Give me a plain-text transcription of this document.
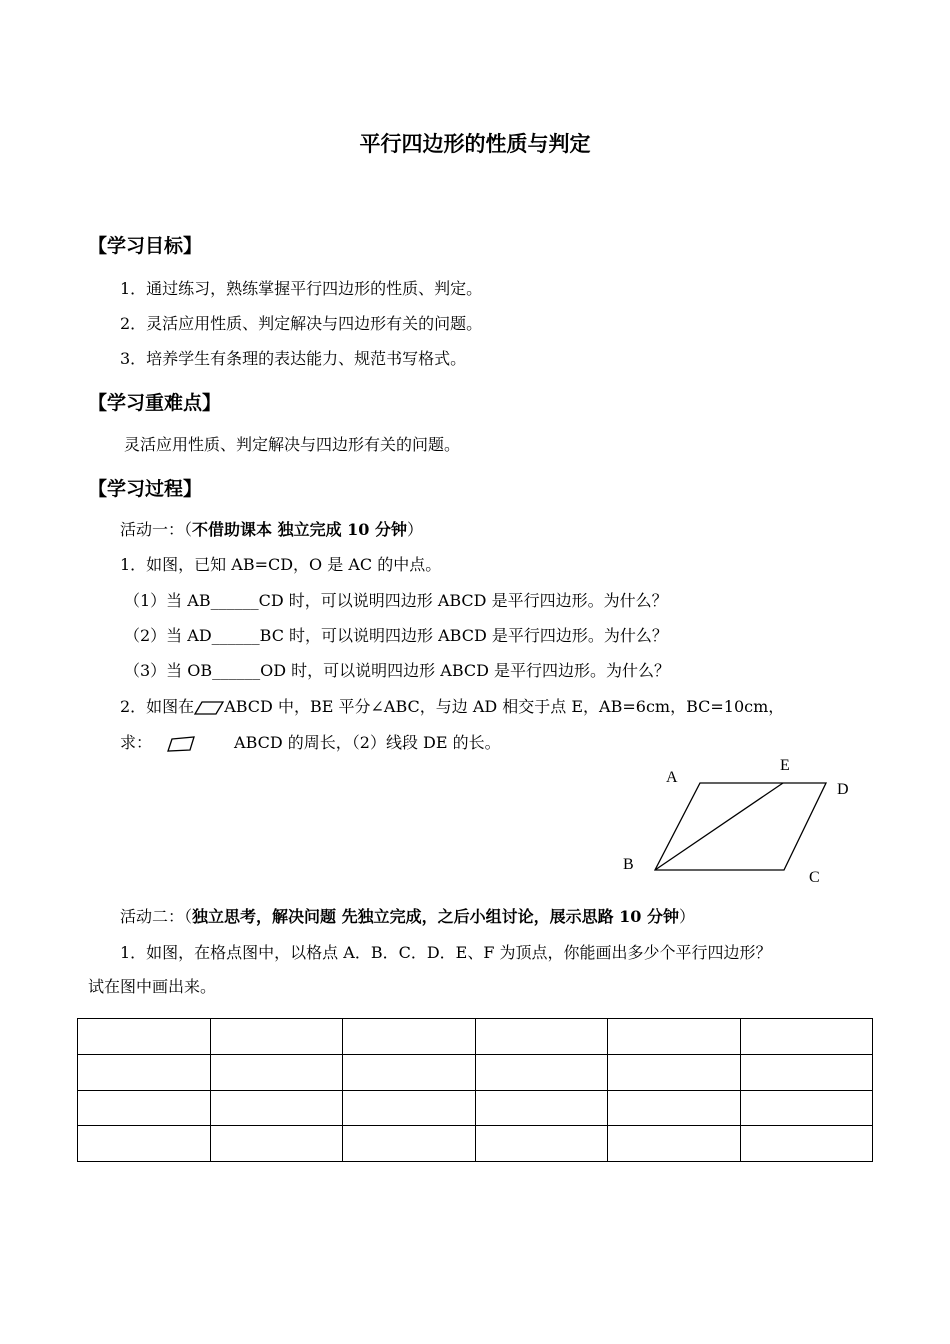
平行四边形的性质与判定
【学习目标】
1．通过练习，熟练掌握平行四边形的性质、判定。
2．灵活应用性质、判定解决与四边形有关的问题。
3．培养学生有条理的表达能力、规范书写格式。
【学习重难点】
灵活应用性质、判定解决与四边形有关的问题。
【学习过程】
活动一：（不借助课本 独立完成 10 分钟）
1．如图，已知 AB=CD，O 是 AC 的中点。
（1）当 AB______CD 时，可以说明四边形 ABCD 是平行四边形。为什么？
（2）当 AD______BC 时，可以说明四边形 ABCD 是平行四边形。为什么？
（3）当 OB______OD 时，可以说明四边形 ABCD 是平行四边形。为什么？
2．如图在 ABCD 中，BE 平分∠ABC，与边 AD 相交于点 E，AB=6cm，BC=10cm，
求：	ABCD 的周长，（2）线段 DE 的长。
A
E
D
B
C
活动二：（独立思考，解决问题 先独立完成，之后小组讨论，展示思路 10 分钟）
1．如图，在格点图中，以格点 A．B．C．D．E、F 为顶点，你能画出多少个平行四边形？
试在图中画出来。
